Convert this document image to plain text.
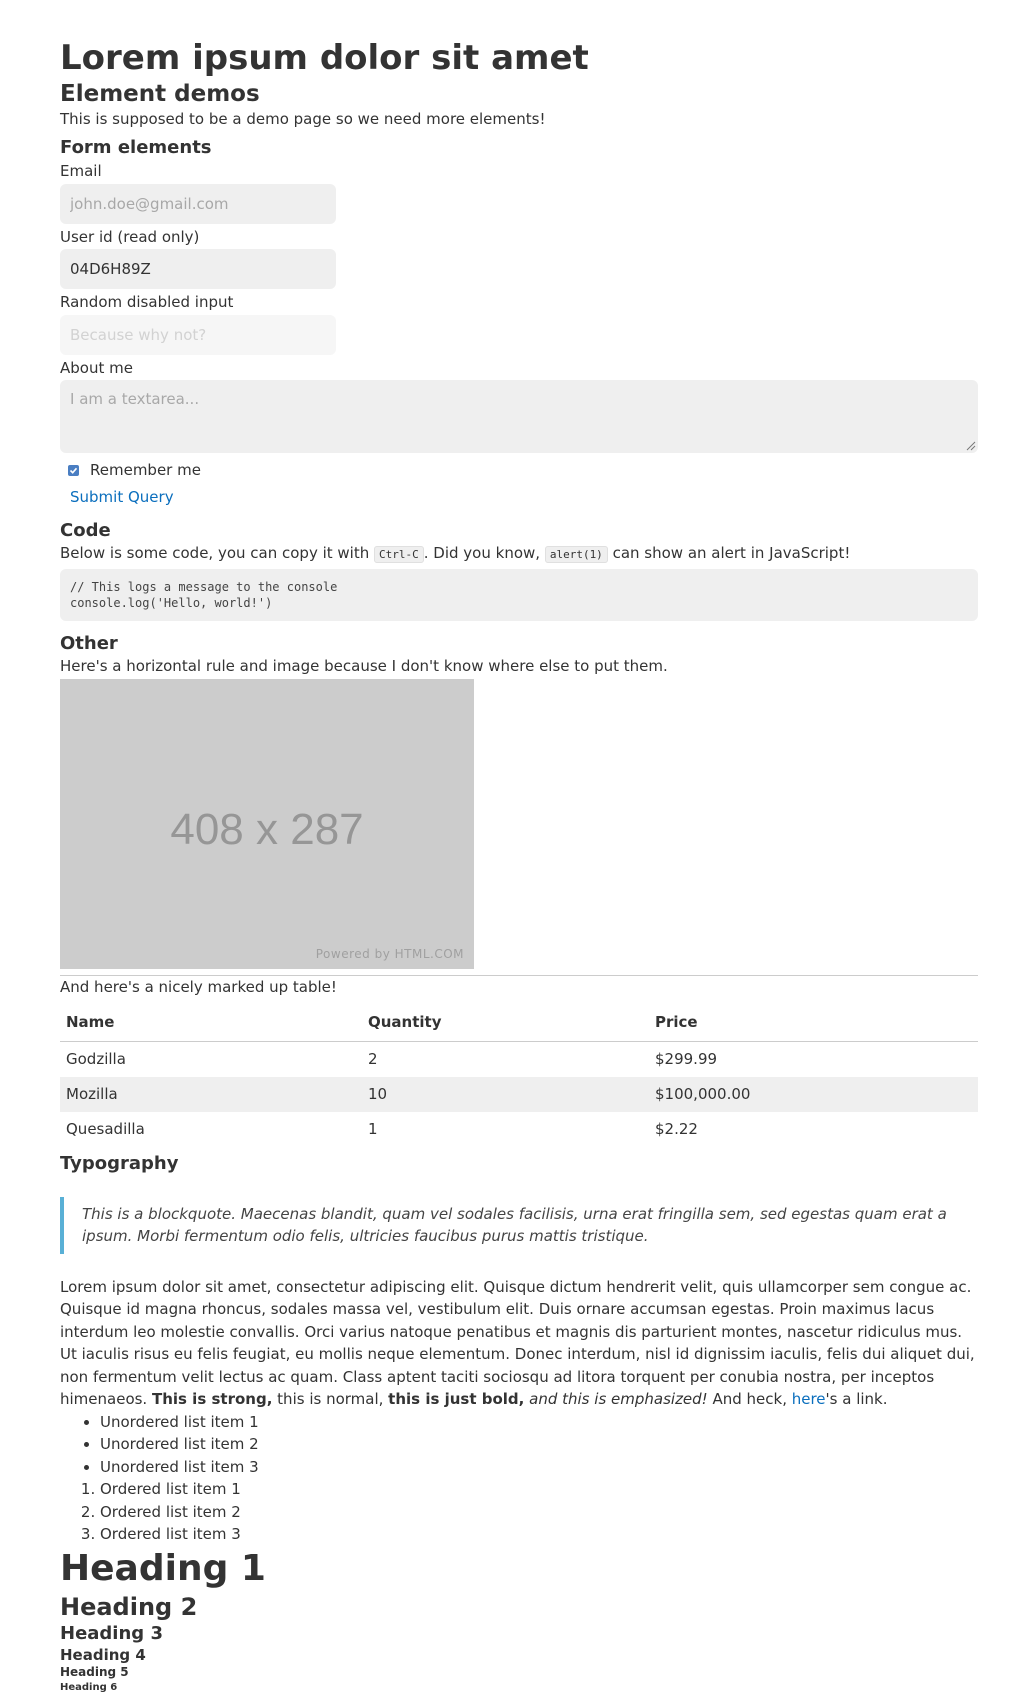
Lorem ipsum dolor sit amet
Element demos

This is supposed to be a demo page so we need more elements!

Form elements
Email
john.doe@gmail.com
User id (read only)
04D6H89Z
Random disabled input
Because why not?
About me
I am a textarea...
Remember me
Submit Query
Code

Below is some code, you can copy it with Ctrl-C . Did you know, alert(1) can show an alert in JavaScript!

// This logs a message to the console
console.log('Hello, world!')
Other

Here's a horizontal rule and image because I don't know where else to put them.

408 x 287
Powered by HTML.COM

And here's a nicely marked up table!

Name	Quantity	Price
Godzilla	2	$299.99
Mozilla	10	$100,000.00
Quesadilla	1	$2.22
Typography
This is a blockquote. Maecenas blandit, quam vel sodales facilisis, urna erat fringilla sem, sed egestas quam erat a ipsum. Morbi fermentum odio felis, ultricies faucibus purus mattis tristique.

Lorem ipsum dolor sit amet, consectetur adipiscing elit. Quisque dictum hendrerit velit, quis ullamcorper sem congue ac. Quisque id magna rhoncus, sodales massa vel, vestibulum elit. Duis ornare accumsan egestas. Proin maximus lacus interdum leo molestie convallis. Orci varius natoque penatibus et magnis dis parturient montes, nascetur ridiculus mus. Ut iaculis risus eu felis feugiat, eu mollis neque elementum. Donec interdum, nisl id dignissim iaculis, felis dui aliquet dui, non fermentum velit lectus ac quam. Class aptent taciti sociosqu ad litora torquent per conubia nostra, per inceptos himenaeos. This is strong, this is normal, this is just bold, and this is emphasized! And heck, here's a link.

• Unordered list item 1
• Unordered list item 2
• Unordered list item 3
1. Ordered list item 1
2. Ordered list item 2
3. Ordered list item 3
Heading 1
Heading 2
Heading 3
Heading 4
Heading 5
Heading 6
